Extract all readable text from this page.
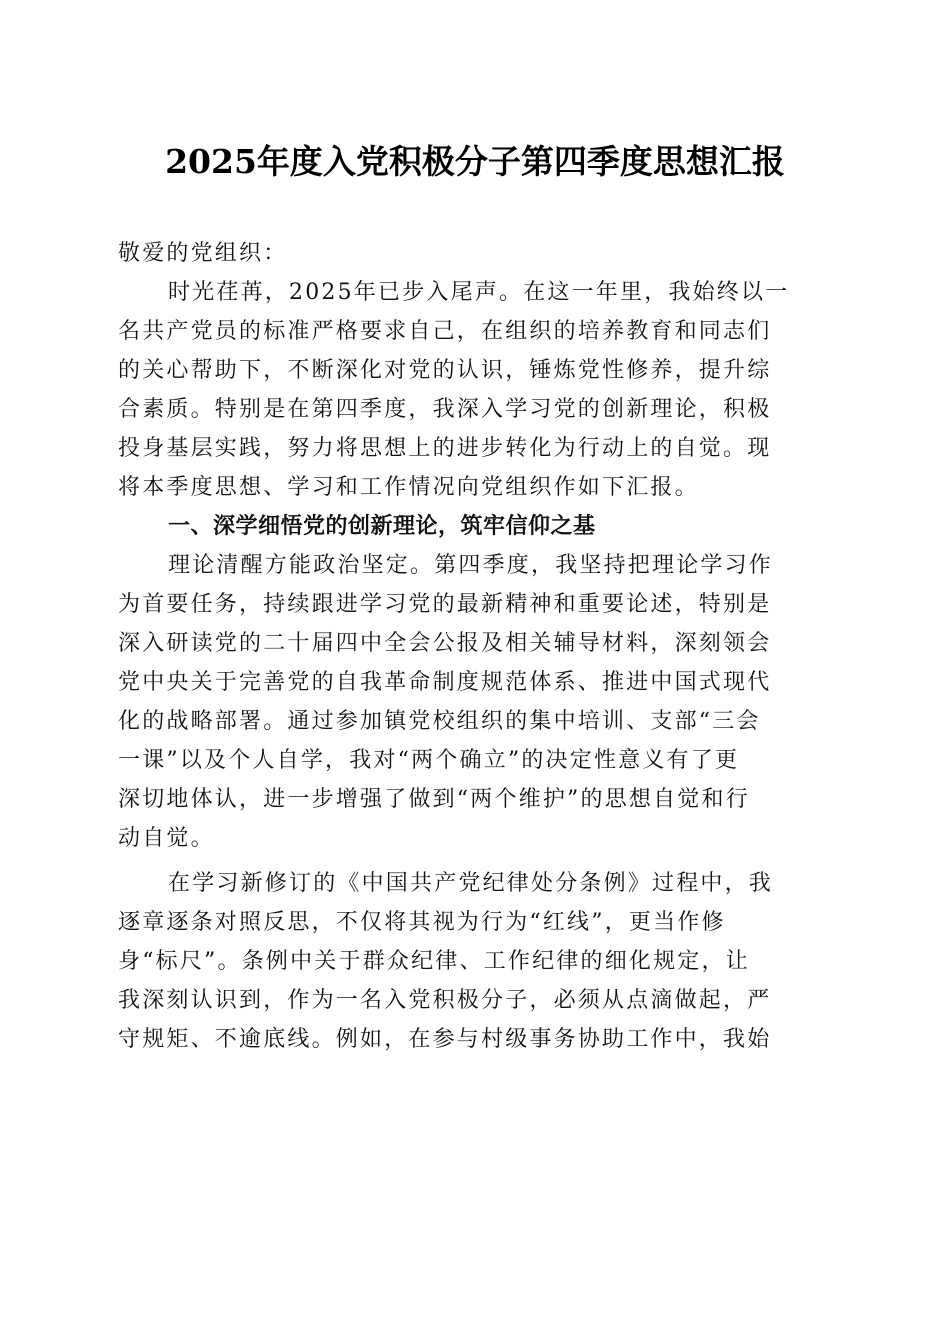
2025年度入党积极分子第四季度思想汇报
敬爱的党组织：
时光荏苒，2025年已步入尾声。在这一年里，我始终以一
名共产党员的标准严格要求自己，在组织的培养教育和同志们
的关心帮助下，不断深化对党的认识，锤炼党性修养，提升综
合素质。特别是在第四季度，我深入学习党的创新理论，积极
投身基层实践，努力将思想上的进步转化为行动上的自觉。现
将本季度思想、学习和工作情况向党组织作如下汇报。
一、深学细悟党的创新理论，筑牢信仰之基
理论清醒方能政治坚定。第四季度，我坚持把理论学习作
为首要任务，持续跟进学习党的最新精神和重要论述，特别是
深入研读党的二十届四中全会公报及相关辅导材料，深刻领会
党中央关于完善党的自我革命制度规范体系、推进中国式现代
化的战略部署。通过参加镇党校组织的集中培训、支部“三会
一课”以及个人自学，我对“两个确立”的决定性意义有了更
深切地体认，进一步增强了做到“两个维护”的思想自觉和行
动自觉。
在学习新修订的《中国共产党纪律处分条例》过程中，我
逐章逐条对照反思，不仅将其视为行为“红线”，更当作修
身“标尺”。条例中关于群众纪律、工作纪律的细化规定，让
我深刻认识到，作为一名入党积极分子，必须从点滴做起，严
守规矩、不逾底线。例如，在参与村级事务协助工作中，我始
